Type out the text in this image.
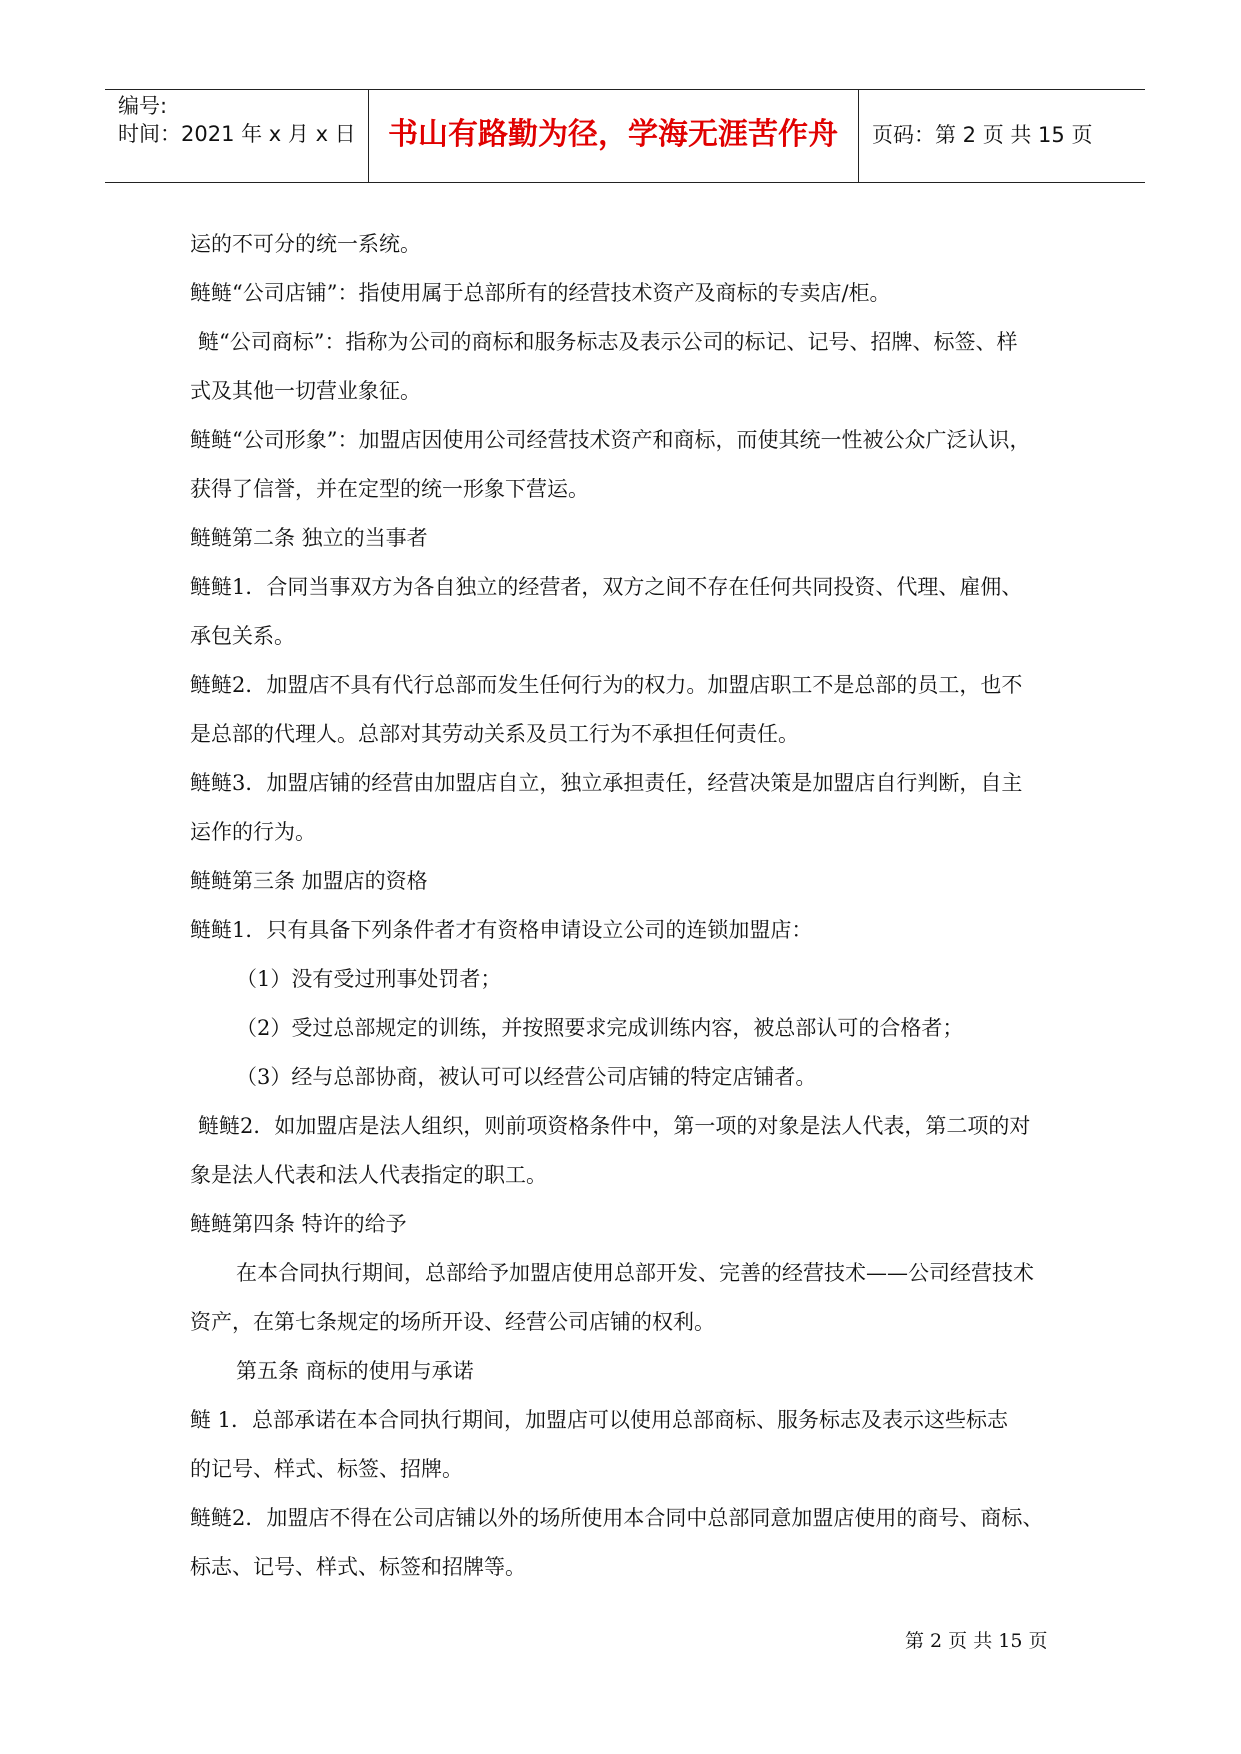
编号:
时间：2021 年 x 月 x 日	书山有路勤为径，学海无涯苦作舟	页码：第 2 页 共 15 页
运的不可分的统一系统。
鲢鲢“公司店铺”：指使用属于总部所有的经营技术资产及商标的专卖店/柜。
鲢“公司商标”：指称为公司的商标和服务标志及表示公司的标记、记号、招牌、标签、样
式及其他一切营业象征。
鲢鲢“公司形象”：加盟店因使用公司经营技术资产和商标，而使其统一性被公众广泛认识，
获得了信誉，并在定型的统一形象下营运。
鲢鲢第二条 独立的当事者
鲢鲢1．合同当事双方为各自独立的经营者，双方之间不存在任何共同投资、代理、雇佣、
承包关系。
鲢鲢2．加盟店不具有代行总部而发生任何行为的权力。加盟店职工不是总部的员工，也不
是总部的代理人。总部对其劳动关系及员工行为不承担任何责任。
鲢鲢3．加盟店铺的经营由加盟店自立，独立承担责任，经营决策是加盟店自行判断，自主
运作的行为。
鲢鲢第三条 加盟店的资格
鲢鲢1．只有具备下列条件者才有资格申请设立公司的连锁加盟店：
（1）没有受过刑事处罚者；
（2）受过总部规定的训练，并按照要求完成训练内容，被总部认可的合格者；
（3）经与总部协商，被认可可以经营公司店铺的特定店铺者。
鲢鲢2．如加盟店是法人组织，则前项资格条件中，第一项的对象是法人代表，第二项的对
象是法人代表和法人代表指定的职工。
鲢鲢第四条 特许的给予
在本合同执行期间，总部给予加盟店使用总部开发、完善的经营技术——公司经营技术
资产，在第七条规定的场所开设、经营公司店铺的权利。
第五条 商标的使用与承诺
鲢 1．总部承诺在本合同执行期间，加盟店可以使用总部商标、服务标志及表示这些标志
的记号、样式、标签、招牌。
鲢鲢2．加盟店不得在公司店铺以外的场所使用本合同中总部同意加盟店使用的商号、商标、
标志、记号、样式、标签和招牌等。
第 2 页 共 15 页
